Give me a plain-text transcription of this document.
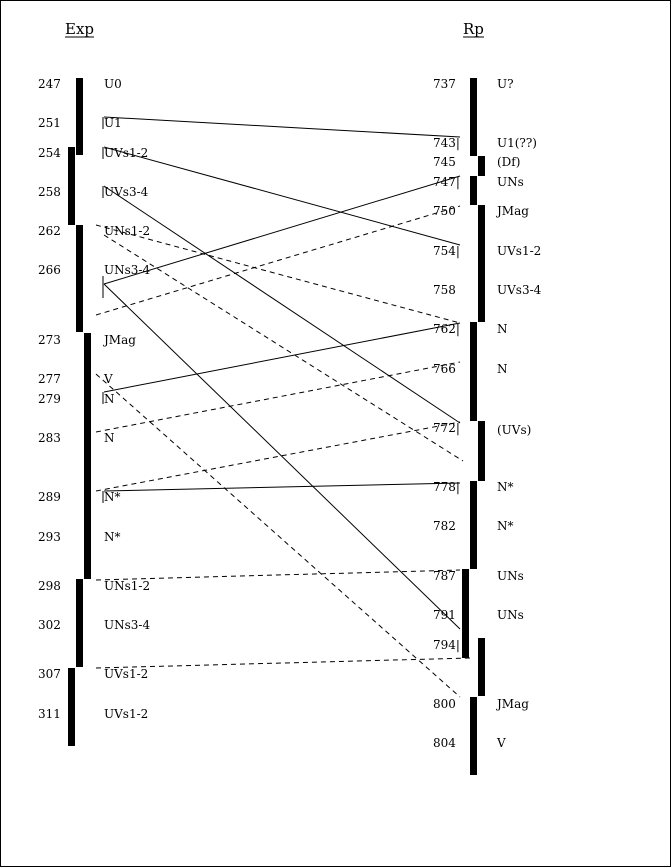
Exp	Rp
247
251
254
258
262
266
273
277
279
283
289
293
298
302
307
311
U0
U1
UVs1-2
UVs3-4
UNs1-2
UNs3-4
JMag
V
N
N
N*
N*
UNs1-2
UNs3-4
UVs1-2
UVs1-2
737
743|
745
747|
750
754|
758
762|
766
772|
778|
782
787
791
794|
800
804
U?
U1(??)
(Df)
UNs
JMag
UVs1-2
UVs3-4
N
N
(UVs)
N*
N*
UNs
UNs
JMag
V
